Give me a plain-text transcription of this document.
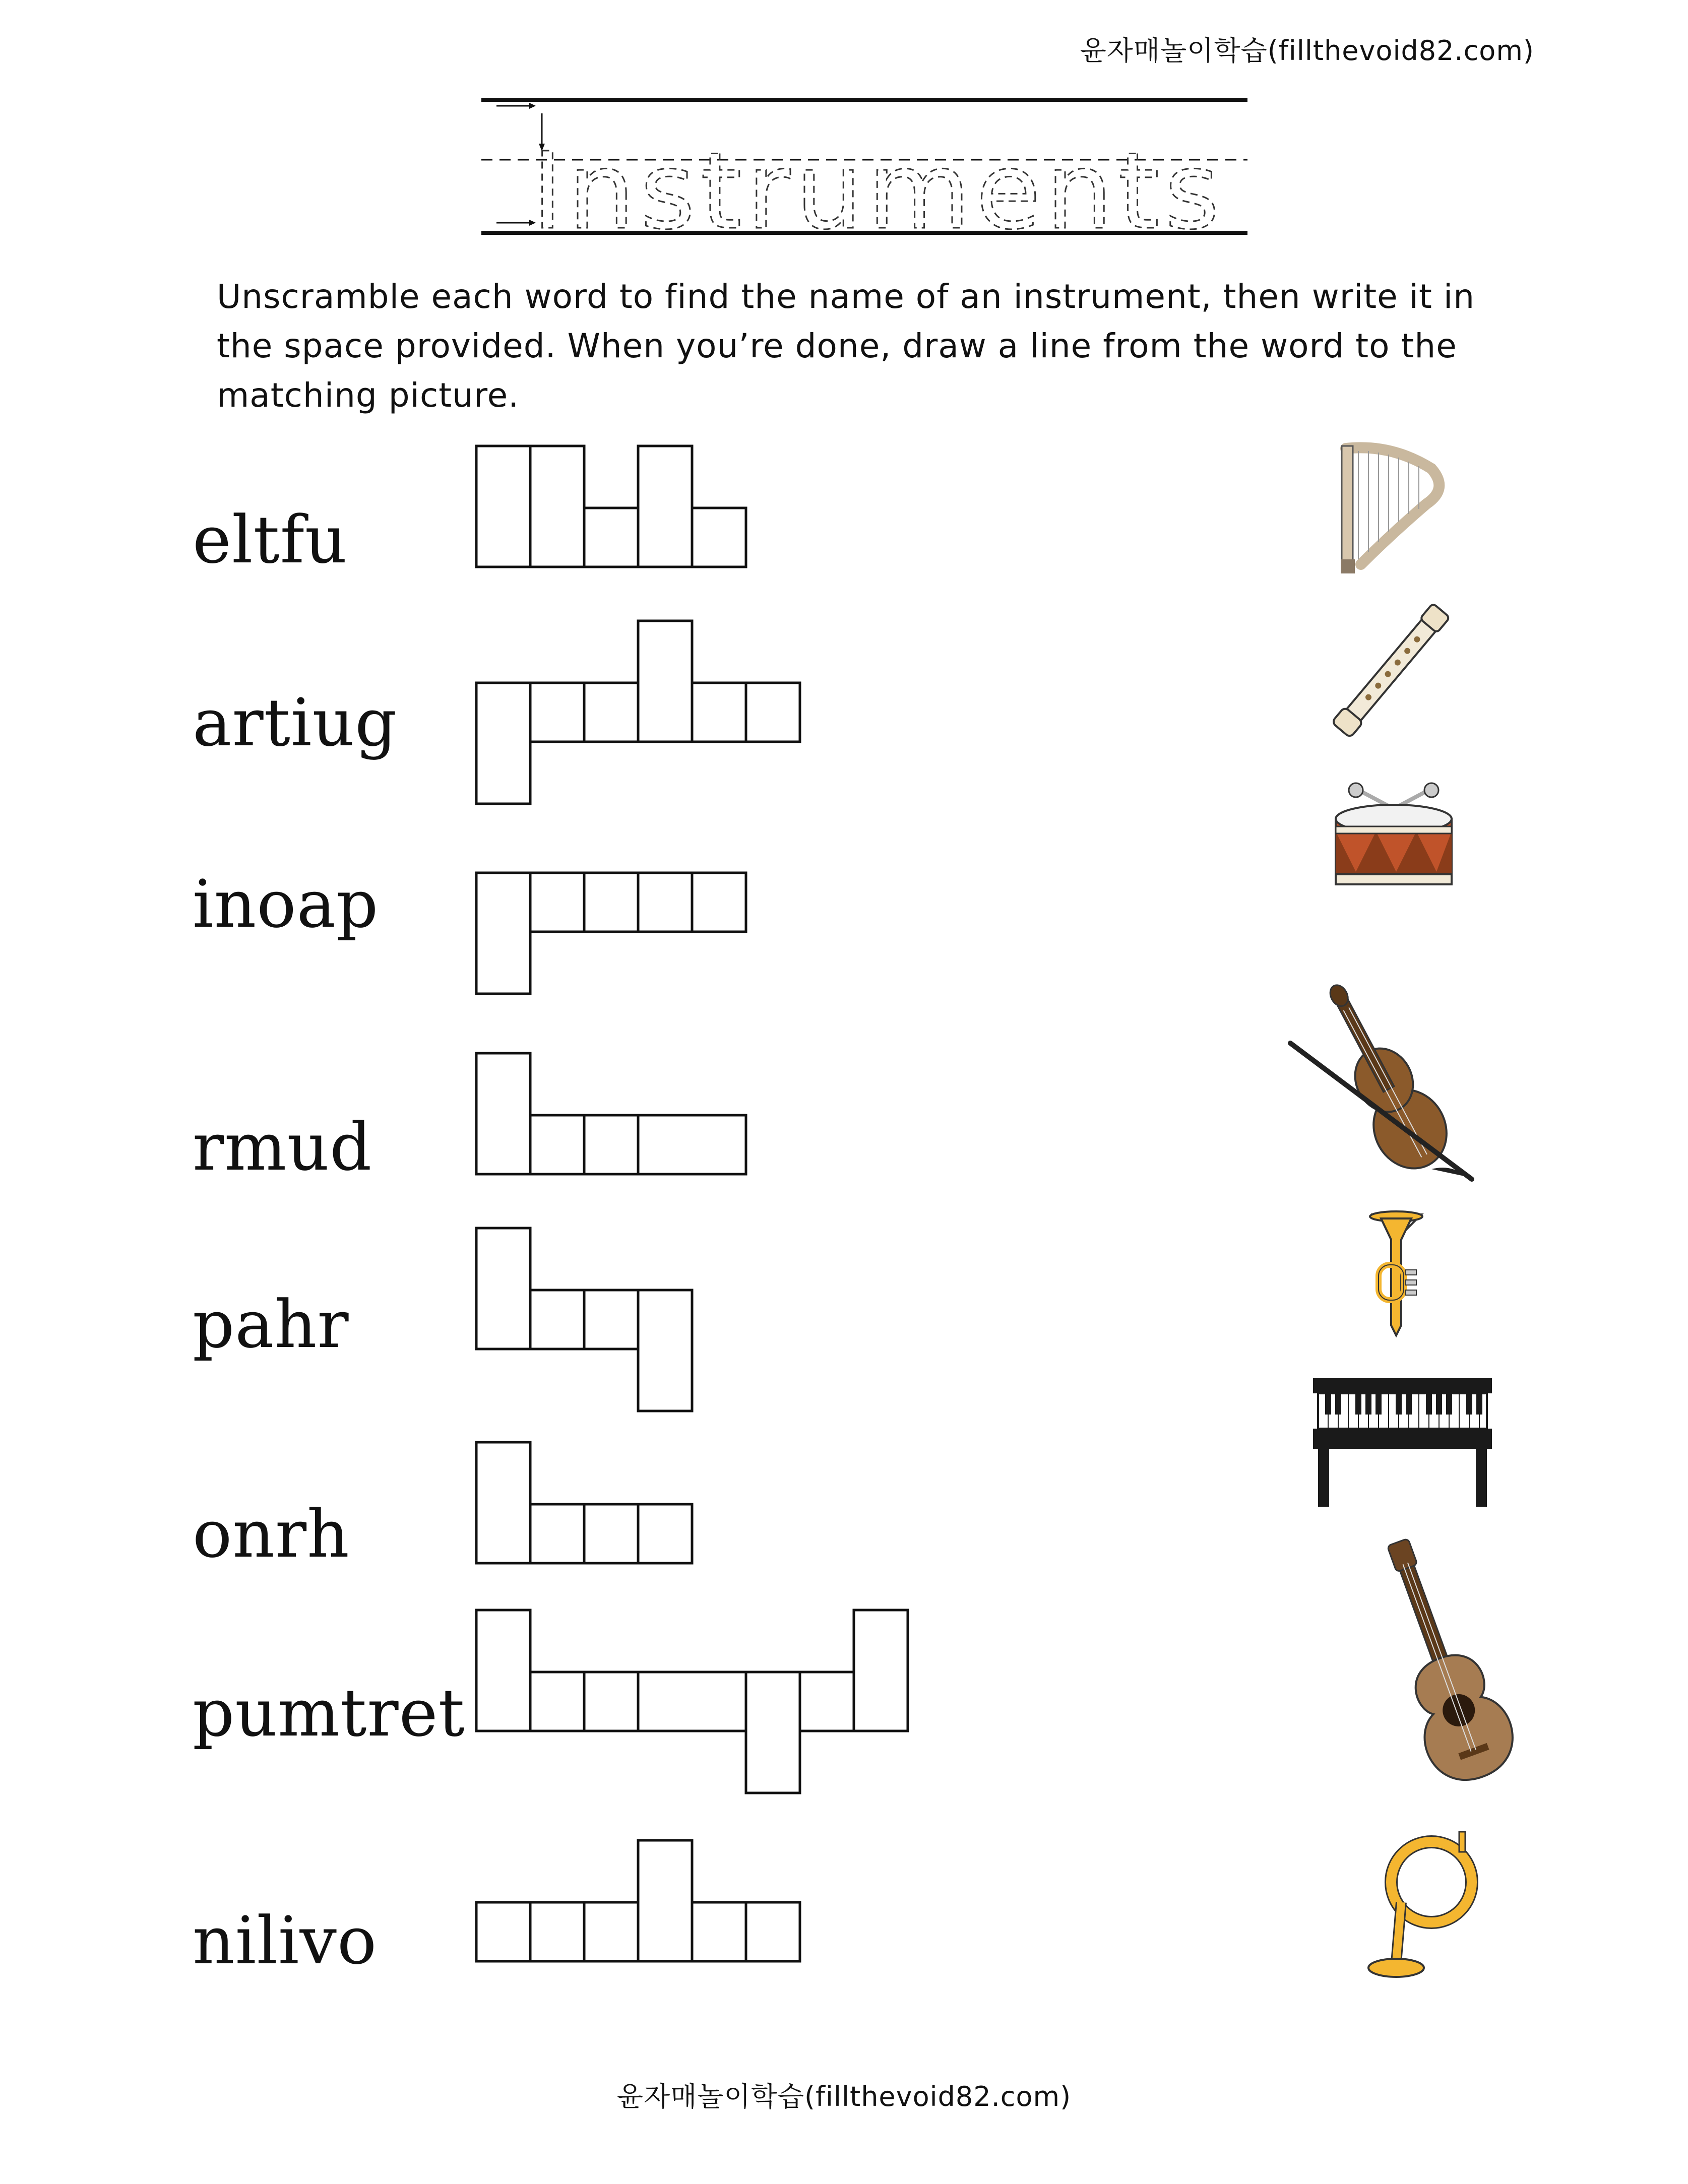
윤자매놀이학습(fillthevoid82.com)
Instruments
Unscramble each word to find the name of an instrument, then write it in the space provided. When you’re done, draw a line from the word to the matching picture.
eltfu
artiug
inoap
rmud
pahr
onrh
pumtret
nilivo
윤자매놀이학습(fillthevoid82.com)
